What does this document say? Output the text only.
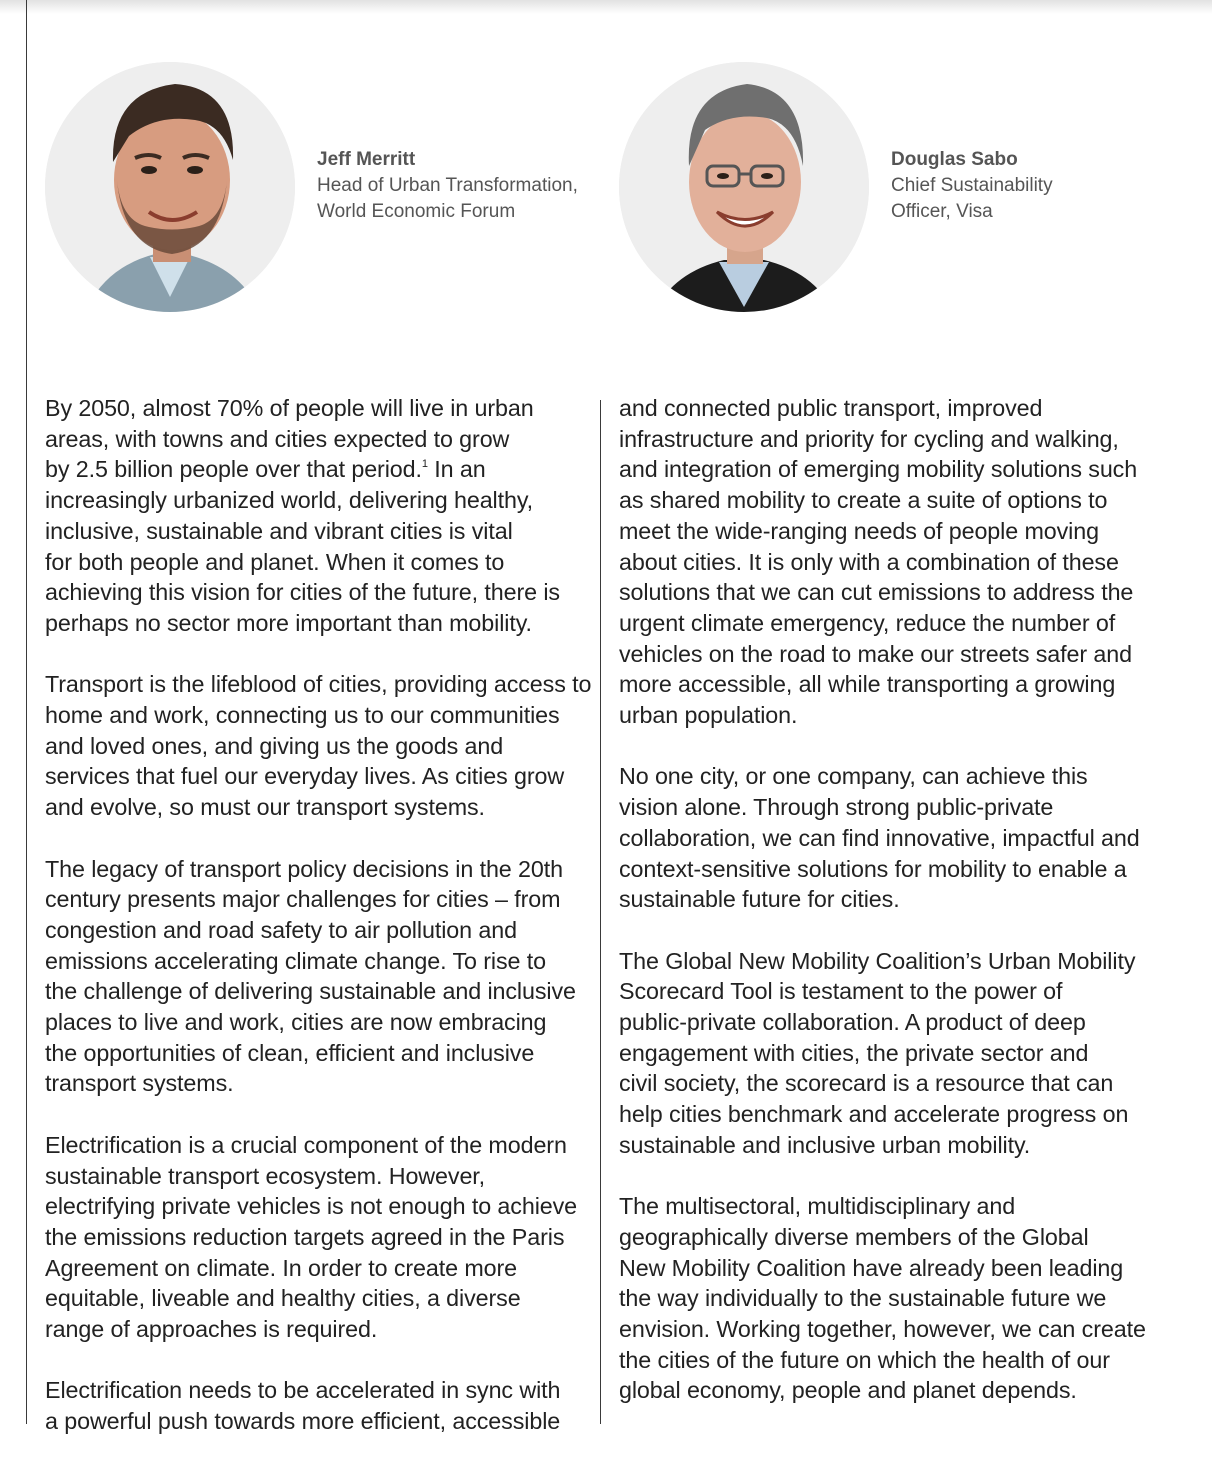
Jeff Merritt
Head of Urban Transformation,
World Economic Forum
Douglas Sabo
Chief Sustainability
Officer, Visa
By 2050, almost 70% of people will live in urban
areas, with towns and cities expected to grow
by 2.5 billion people over that period.$^1$ In an
increasingly urbanized world, delivering healthy,
inclusive, sustainable and vibrant cities is vital
for both people and planet. When it comes to
achieving this vision for cities of the future, there is
perhaps no sector more important than mobility.
Transport is the lifeblood of cities, providing access to
home and work, connecting us to our communities
and loved ones, and giving us the goods and
services that fuel our everyday lives. As cities grow
and evolve, so must our transport systems.
The legacy of transport policy decisions in the 20th
century presents major challenges for cities – from
congestion and road safety to air pollution and
emissions accelerating climate change. To rise to
the challenge of delivering sustainable and inclusive
places to live and work, cities are now embracing
the opportunities of clean, efficient and inclusive
transport systems.
Electrification is a crucial component of the modern
sustainable transport ecosystem. However,
electrifying private vehicles is not enough to achieve
the emissions reduction targets agreed in the Paris
Agreement on climate. In order to create more
equitable, liveable and healthy cities, a diverse
range of approaches is required.
Electrification needs to be accelerated in sync with
a powerful push towards more efficient, accessible
and connected public transport, improved
infrastructure and priority for cycling and walking,
and integration of emerging mobility solutions such
as shared mobility to create a suite of options to
meet the wide-ranging needs of people moving
about cities. It is only with a combination of these
solutions that we can cut emissions to address the
urgent climate emergency, reduce the number of
vehicles on the road to make our streets safer and
more accessible, all while transporting a growing
urban population.
No one city, or one company, can achieve this
vision alone. Through strong public-private
collaboration, we can find innovative, impactful and
context-sensitive solutions for mobility to enable a
sustainable future for cities.
The Global New Mobility Coalition’s Urban Mobility
Scorecard Tool is testament to the power of
public-private collaboration. A product of deep
engagement with cities, the private sector and
civil society, the scorecard is a resource that can
help cities benchmark and accelerate progress on
sustainable and inclusive urban mobility.
The multisectoral, multidisciplinary and
geographically diverse members of the Global
New Mobility Coalition have already been leading
the way individually to the sustainable future we
envision. Working together, however, we can create
the cities of the future on which the health of our
global economy, people and planet depends.
